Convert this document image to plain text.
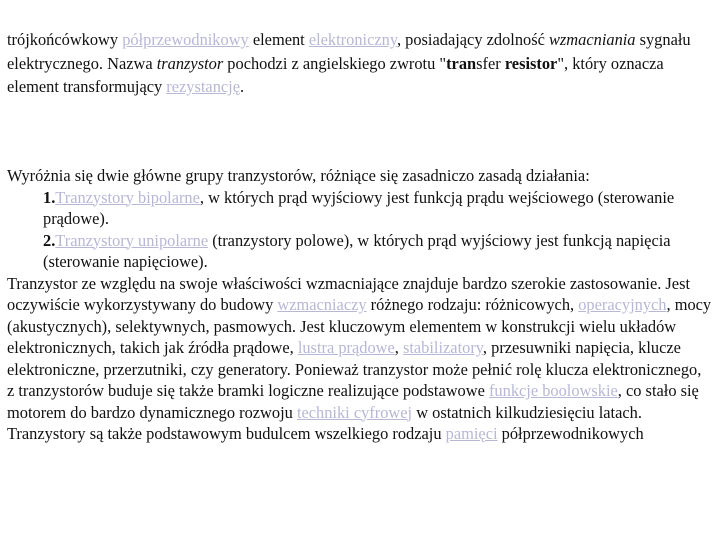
trójkońcówkowy półprzewodnikowy element elektroniczny, posiadający zdolność wzmacniania sygnału elektrycznego. Nazwa tranzystor pochodzi z angielskiego zwrotu "transfer resistor", który oznacza element transformujący rezystancję.

Wyróżnia się dwie główne grupy tranzystorów, różniące się zasadniczo zasadą działania:
1.Tranzystory bipolarne, w których prąd wyjściowy jest funkcją prądu wejściowego (sterowanie prądowe).
2.Tranzystory unipolarne (tranzystory polowe), w których prąd wyjściowy jest funkcją napięcia (sterowanie napięciowe).
Tranzystor ze względu na swoje właściwości wzmacniające znajduje bardzo szerokie zastosowanie. Jest oczywiście wykorzystywany do budowy wzmacniaczy różnego rodzaju: różnicowych, operacyjnych, mocy (akustycznych), selektywnych, pasmowych. Jest kluczowym elementem w konstrukcji wielu układów elektronicznych, takich jak źródła prądowe, lustra prądowe, stabilizatory, przesuwniki napięcia, klucze elektroniczne, przerzutniki, czy generatory. Ponieważ tranzystor może pełnić rolę klucza elektronicznego, z tranzystorów buduje się także bramki logiczne realizujące podstawowe funkcje boolowskie, co stało się motorem do bardzo dynamicznego rozwoju techniki cyfrowej w ostatnich kilkudziesięciu latach. Tranzystory są także podstawowym budulcem wszelkiego rodzaju pamięci półprzewodnikowych
